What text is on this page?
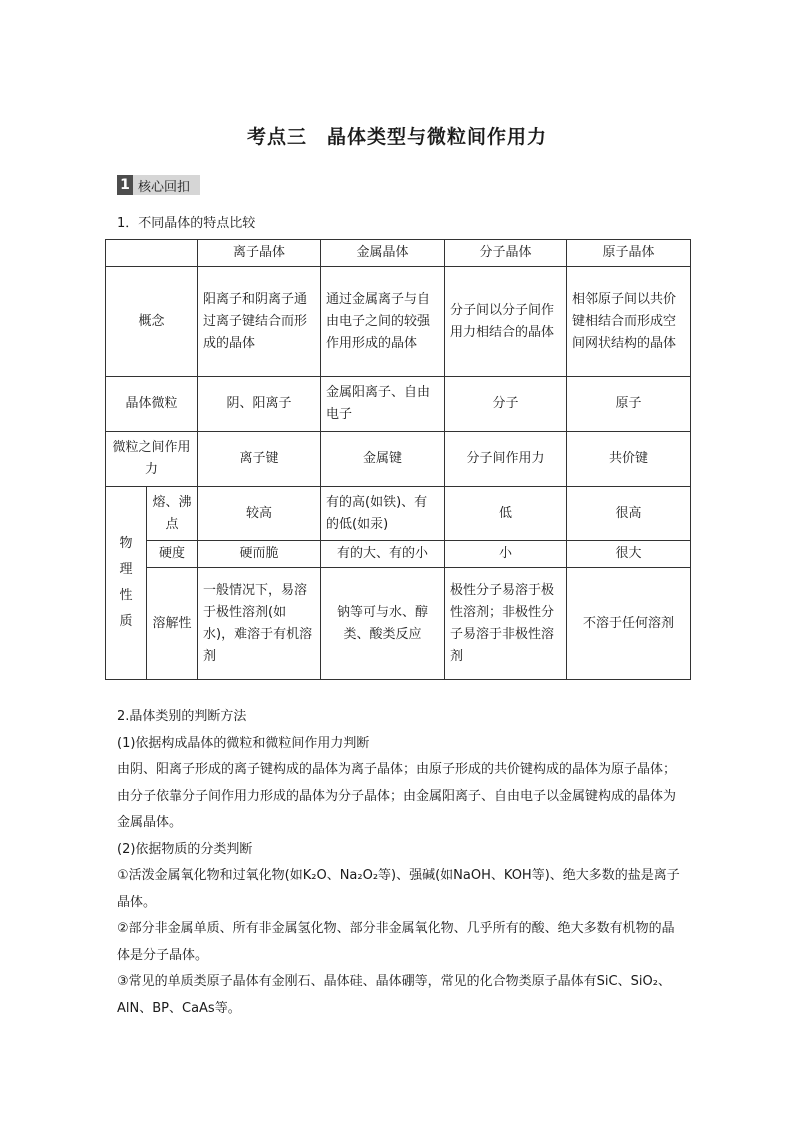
考点三　晶体类型与微粒间作用力
1 核心回扣
1．不同晶体的特点比较
		离子晶体	金属晶体	分子晶体	原子晶体
概念		阳离子和阴离子通过离子键结合而形成的晶体	通过金属离子与自由电子之间的较强作用形成的晶体	分子间以分子间作用力相结合的晶体	相邻原子间以共价键相结合而形成空间网状结构的晶体
晶体微粒		阴、阳离子	金属阳离子、自由电子	分子	原子
微粒之间作用力		离子键	金属键	分子间作用力	共价键

物
理
性
质	熔、沸点	较高	有的高(如铁)、有的低(如汞)	低	很高
	硬度	硬而脆	有的大、有的小	小	很大
	溶解性	一般情况下，易溶于极性溶剂(如水)，难溶于有机溶剂	钠等可与水、醇类、酸类反应	极性分子易溶于极性溶剂；非极性分子易溶于非极性溶剂	不溶于任何溶剂

2.晶体类别的判断方法

(1)依据构成晶体的微粒和微粒间作用力判断

由阴、阳离子形成的离子键构成的晶体为离子晶体；由原子形成的共价键构成的晶体为原子晶体；由分子依靠分子间作用力形成的晶体为分子晶体；由金属阳离子、自由电子以金属键构成的晶体为金属晶体。

(2)依据物质的分类判断

①活泼金属氧化物和过氧化物(如K₂O、Na₂O₂等)、强碱(如NaOH、KOH等)、绝大多数的盐是离子晶体。

②部分非金属单质、所有非金属氢化物、部分非金属氧化物、几乎所有的酸、绝大多数有机物的晶体是分子晶体。

③常见的单质类原子晶体有金刚石、晶体硅、晶体硼等，常见的化合物类原子晶体有SiC、SiO₂、AlN、BP、CaAs等。
